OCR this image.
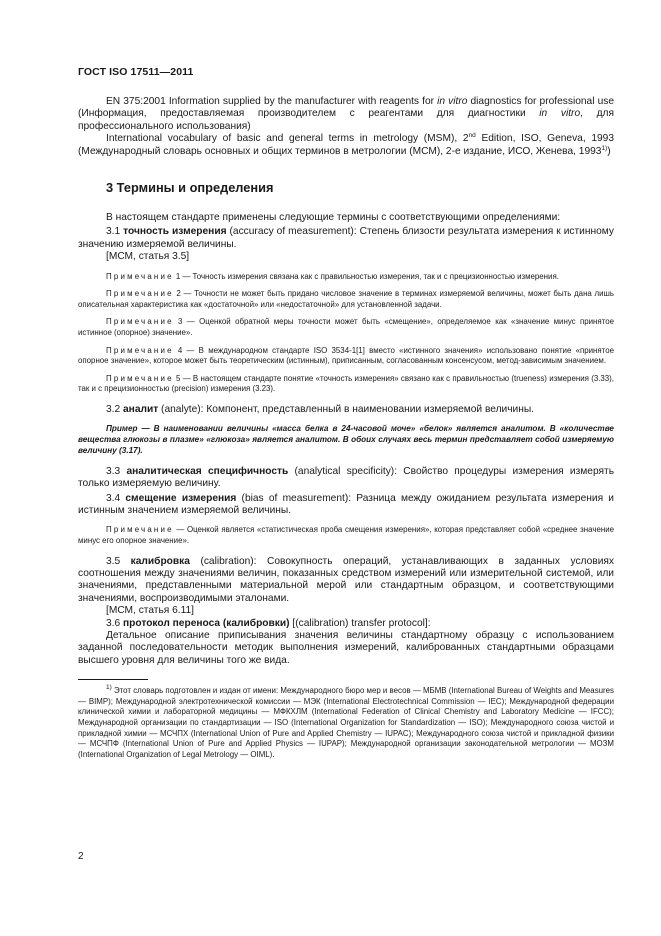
ГОСТ ISO 17511—2011

EN 375:2001 Information supplied by the manufacturer with reagents for in vitro diagnostics for professional use (Информация, предоставляемая производителем с реагентами для диагностики in vitro, для профессионального использования)

International vocabulary of basic and general terms in metrology (MSM), 2nd Edition, ISO, Geneva, 1993 (Международный словарь основных и общих терминов в метрологии (МСМ), 2-е издание, ИСО, Женева, 1993$^{1)}$)

3 Термины и определения

В настоящем стандарте применены следующие термины с соответствующими определениями:

3.1 точность измерения (accuracy of measurement): Степень близости результата измерения к истинному значению измеряемой величины.

[МСМ, статья 3.5]

Примечание 1 — Точность измерения связана как с правильностью измерения, так и с прецизионностью измерения.

Примечание 2 — Точности не может быть придано числовое значение в терминах измеряемой величины, может быть дана лишь описательная характеристика как «достаточной» или «недостаточной» для установленной задачи.

Примечание 3 — Оценкой обратной меры точности может быть «смещение», определяемое как «значение минус принятое истинное (опорное) значение».

Примечание 4 — В международном стандарте ISO 3534-1[1] вместо «истинного значения» использовано понятие «принятое опорное значение», которое может быть теоретическим (истинным), приписанным, согласованным консенсусом, метод-зависимым значением.

Примечание 5 — В настоящем стандарте понятие «точность измерения» связано как с правильностью (trueness) измерения (3.33), так и с прецизионностью (precision) измерения (3.23).

3.2 аналит (analyte): Компонент, представленный в наименовании измеряемой величины.

Пример — В наименовании величины «масса белка в 24-часовой моче» «белок» является аналитом. В «количестве вещества глюкозы в плазме» «глюкоза» является аналитом. В обоих случаях весь термин представляет собой измеряемую величину (3.17).

3.3 аналитическая специфичность (analytical specificity): Свойство процедуры измерения измерять только измеряемую величину.

3.4 смещение измерения (bias of measurement): Разница между ожиданием результата измерения и истинным значением измеряемой величины.

Примечание — Оценкой является «статистическая проба смещения измерения», которая представляет собой «среднее значение минус его опорное значение».

3.5 калибровка (calibration): Совокупность операций, устанавливающих в заданных условиях соотношения между значениями величин, показанных средством измерений или измерительной системой, или значениями, представленными материальной мерой или стандартным образцом, и соответствующими значениями, воспроизводимыми эталонами.

[МСМ, статья 6.11]

3.6 протокол переноса (калибровки) [(calibration) transfer protocol]:

Детальное описание приписывания значения величины стандартному образцу с использованием заданной последовательности методик выполнения измерений, калиброванных стандартными образцами высшего уровня для величины того же вида.

$^{1)}$ Этот словарь подготовлен и издан от имени: Международного бюро мер и весов — МБМВ (International Bureau of Weights and Measures — BIMP); Международной электротехнической комиссии — МЭК (International Electrotechnical Commission — IEC); Международной федерации клинической химии и лабораторной медицины — МФКХЛМ (International Federation of Clinical Chemistry and Laboratory Medicine — IFCC); Международной организации по стандартизации — ISO (International Organization for Standardization — ISO); Международного союза чистой и прикладной химии — МСЧПХ (International Union of Pure and Applied Chemistry — IUPAC); Международного союза чистой и прикладной физики — МСЧПФ (International Union of Pure and Applied Physics — IUPAP); Международной организации законодательной метрологии — МОЗМ (International Organization of Legal Metrology — OIML).

2
